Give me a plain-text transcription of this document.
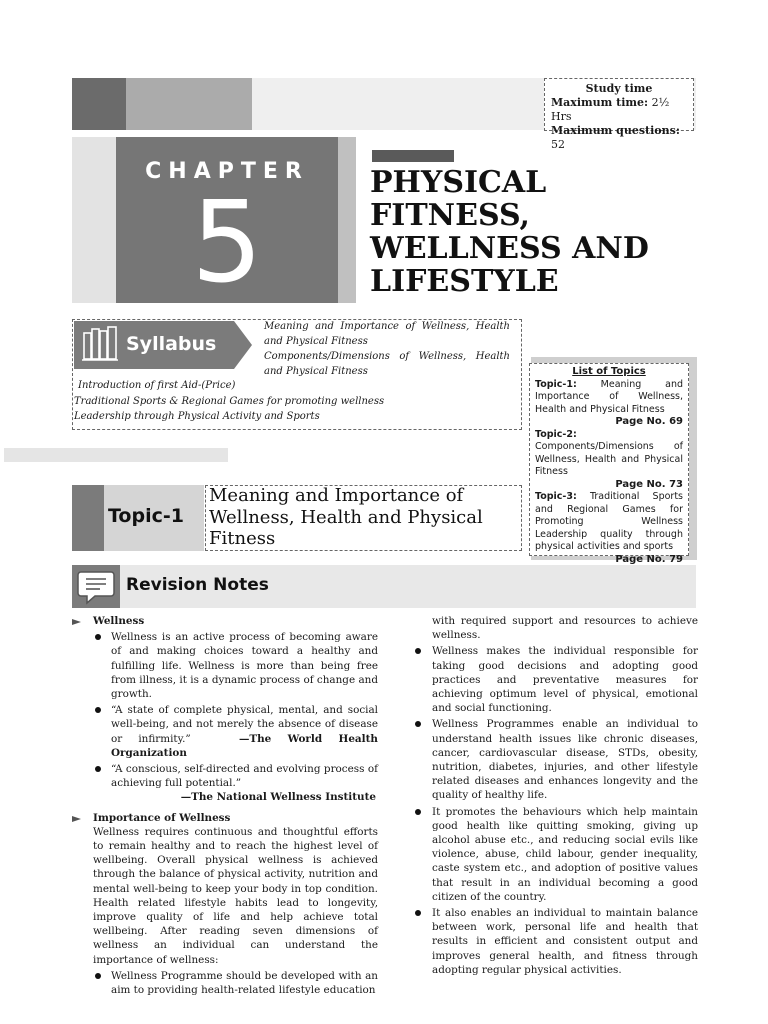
Study time
Maximum time: 2½ Hrs
Maximum questions: 52
CHAPTER
5	PHYSICAL
FITNESS,
WELLNESS AND
LIFESTYLE
Syllabus

Meaning and Importance of Wellness, Health and Physical Fitness

Components/Dimensions of Wellness, Health and Physical Fitness

Introduction of first Aid-(Price)

Traditional Sports & Regional Games for promoting wellness

Leadership through Physical Activity and Sports

List of Topics
Topic-1:	Meaning and Importance of Wellness, Health and Physical Fitness
Page No. 69
Topic-2: Components/Dimensions of Wellness, Health and Physical Fitness
Page No. 73
Topic-3: Traditional Sports and Regional Games for Promoting Wellness Leadership quality through physical activities and sports
Page No. 79
Topic-1
Meaning and Importance of Wellness, Health and Physical Fitness
Revision Notes
Wellness
Wellness is an active process of becoming aware of and making choices toward a healthy and fulfilling life. Wellness is more than being free from illness, it is a dynamic process of change and growth.
“A state of complete physical, mental, and social well-being, and not merely the absence of disease or infirmity.”	—The World Health Organization
“A conscious, self-directed and evolving process of achieving full potential.”
—The National Wellness Institute
Importance of Wellness
Wellness requires continuous and thoughtful efforts to remain healthy and to reach the highest level of wellbeing. Overall physical wellness is achieved through the balance of physical activity, nutrition and mental well-being to keep your body in top condition. Health related lifestyle habits lead to longevity, improve quality of life and help achieve total wellbeing. After reading seven dimensions of wellness an individual can understand the importance of wellness:
Wellness Programme should be developed with an aim to providing health-related lifestyle education
with required support and resources to achieve wellness.
Wellness makes the individual responsible for taking good decisions and adopting good practices and preventative measures for achieving optimum level of physical, emotional and social functioning.
Wellness Programmes enable an individual to understand health issues like chronic diseases, cancer, cardiovascular disease, STDs, obesity, nutrition, diabetes, injuries, and other lifestyle related diseases and enhances longevity and the quality of healthy life.
It promotes the behaviours which help maintain good health like quitting smoking, giving up alcohol abuse etc., and reducing social evils like violence, abuse, child labour, gender inequality, caste system etc., and adoption of positive values that result in an individual becoming a good citizen of the country.
It also enables an individual to maintain balance between work, personal life and health that results in efficient and consistent output and improves general health, and fitness through adopting regular physical activities.
